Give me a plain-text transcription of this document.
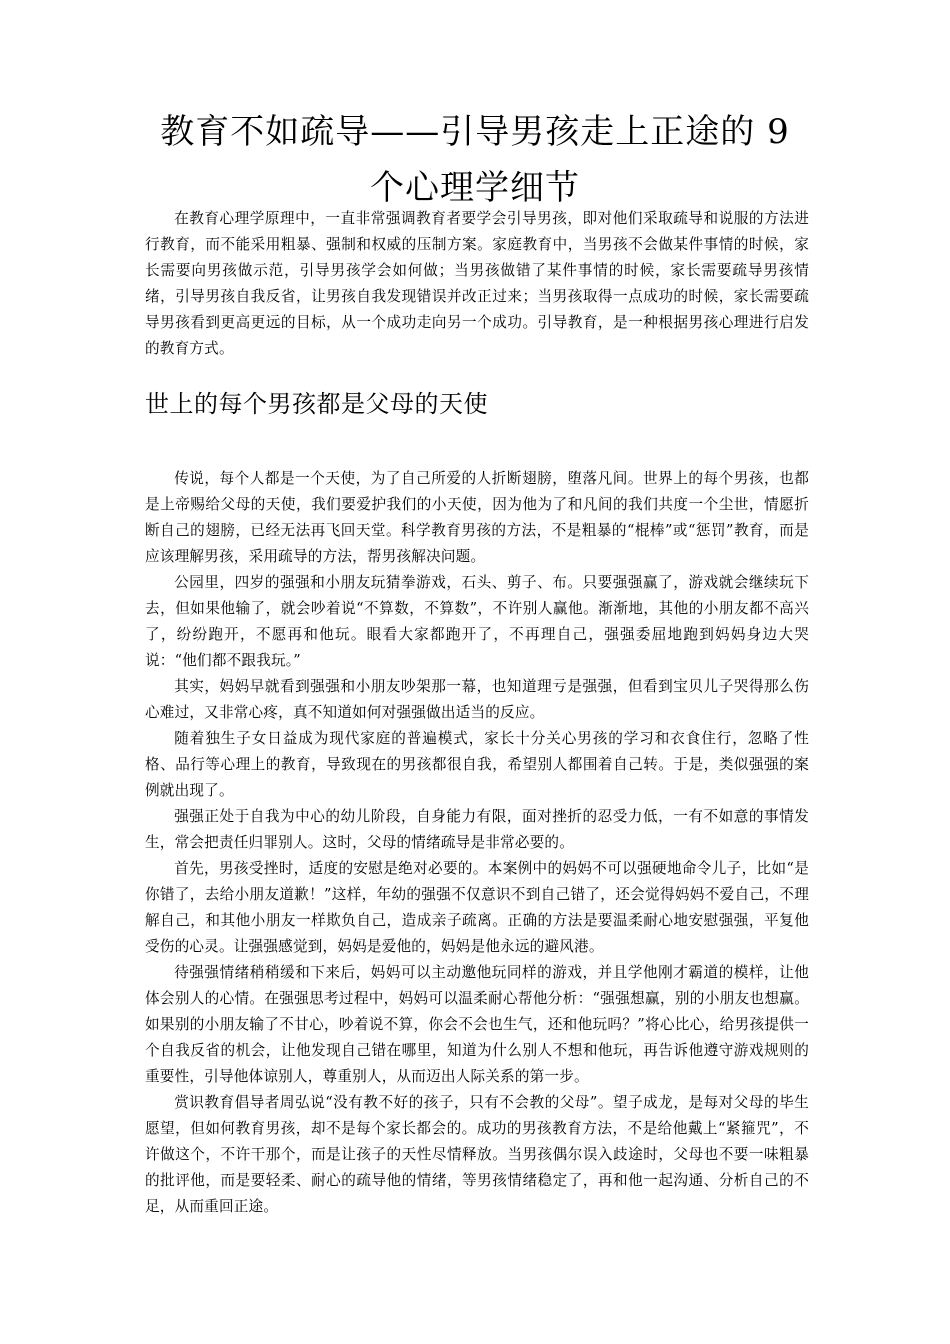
教育不如疏导——引导男孩走上正途的 9 个心理学细节

在教育心理学原理中，一直非常强调教育者要学会引导男孩，即对他们采取疏导和说服的方法进行教育，而不能采用粗暴、强制和权威的压制方案。家庭教育中，当男孩不会做某件事情的时候，家长需要向男孩做示范，引导男孩学会如何做；当男孩做错了某件事情的时候，家长需要疏导男孩情绪，引导男孩自我反省，让男孩自我发现错误并改正过来；当男孩取得一点成功的时候，家长需要疏导男孩看到更高更远的目标，从一个成功走向另一个成功。引导教育，是一种根据男孩心理进行启发的教育方式。

世上的每个男孩都是父母的天使

传说，每个人都是一个天使，为了自己所爱的人折断翅膀，堕落凡间。世界上的每个男孩，也都是上帝赐给父母的天使，我们要爱护我们的小天使，因为他为了和凡间的我们共度一个尘世，情愿折断自己的翅膀，已经无法再飞回天堂。科学教育男孩的方法，不是粗暴的“棍棒”或“惩罚”教育，而是应该理解男孩，采用疏导的方法，帮男孩解决问题。

公园里，四岁的强强和小朋友玩猜拳游戏，石头、剪子、布。只要强强赢了，游戏就会继续玩下去，但如果他输了，就会吵着说“不算数，不算数”，不许别人赢他。渐渐地，其他的小朋友都不高兴了，纷纷跑开，不愿再和他玩。眼看大家都跑开了，不再理自己，强强委屈地跑到妈妈身边大哭说：“他们都不跟我玩。”

其实，妈妈早就看到强强和小朋友吵架那一幕，也知道理亏是强强，但看到宝贝儿子哭得那么伤心难过，又非常心疼，真不知道如何对强强做出适当的反应。

随着独生子女日益成为现代家庭的普遍模式，家长十分关心男孩的学习和衣食住行，忽略了性格、品行等心理上的教育，导致现在的男孩都很自我，希望别人都围着自己转。于是，类似强强的案例就出现了。

强强正处于自我为中心的幼儿阶段，自身能力有限，面对挫折的忍受力低，一有不如意的事情发生，常会把责任归罪别人。这时，父母的情绪疏导是非常必要的。

首先，男孩受挫时，适度的安慰是绝对必要的。本案例中的妈妈不可以强硬地命令儿子，比如“是你错了，去给小朋友道歉！”这样，年幼的强强不仅意识不到自己错了，还会觉得妈妈不爱自己，不理解自己，和其他小朋友一样欺负自己，造成亲子疏离。正确的方法是要温柔耐心地安慰强强，平复他受伤的心灵。让强强感觉到，妈妈是爱他的，妈妈是他永远的避风港。

待强强情绪稍稍缓和下来后，妈妈可以主动邀他玩同样的游戏，并且学他刚才霸道的模样，让他体会别人的心情。在强强思考过程中，妈妈可以温柔耐心帮他分析：“强强想赢，别的小朋友也想赢。如果别的小朋友输了不甘心，吵着说不算，你会不会也生气，还和他玩吗？”将心比心，给男孩提供一个自我反省的机会，让他发现自己错在哪里，知道为什么别人不想和他玩，再告诉他遵守游戏规则的重要性，引导他体谅别人，尊重别人，从而迈出人际关系的第一步。

赏识教育倡导者周弘说“没有教不好的孩子，只有不会教的父母”。望子成龙，是每对父母的毕生愿望，但如何教育男孩，却不是每个家长都会的。成功的男孩教育方法，不是给他戴上“紧箍咒”，不许做这个，不许干那个，而是让孩子的天性尽情释放。当男孩偶尔误入歧途时，父母也不要一味粗暴的批评他，而是要轻柔、耐心的疏导他的情绪，等男孩情绪稳定了，再和他一起沟通、分析自己的不足，从而重回正途。
